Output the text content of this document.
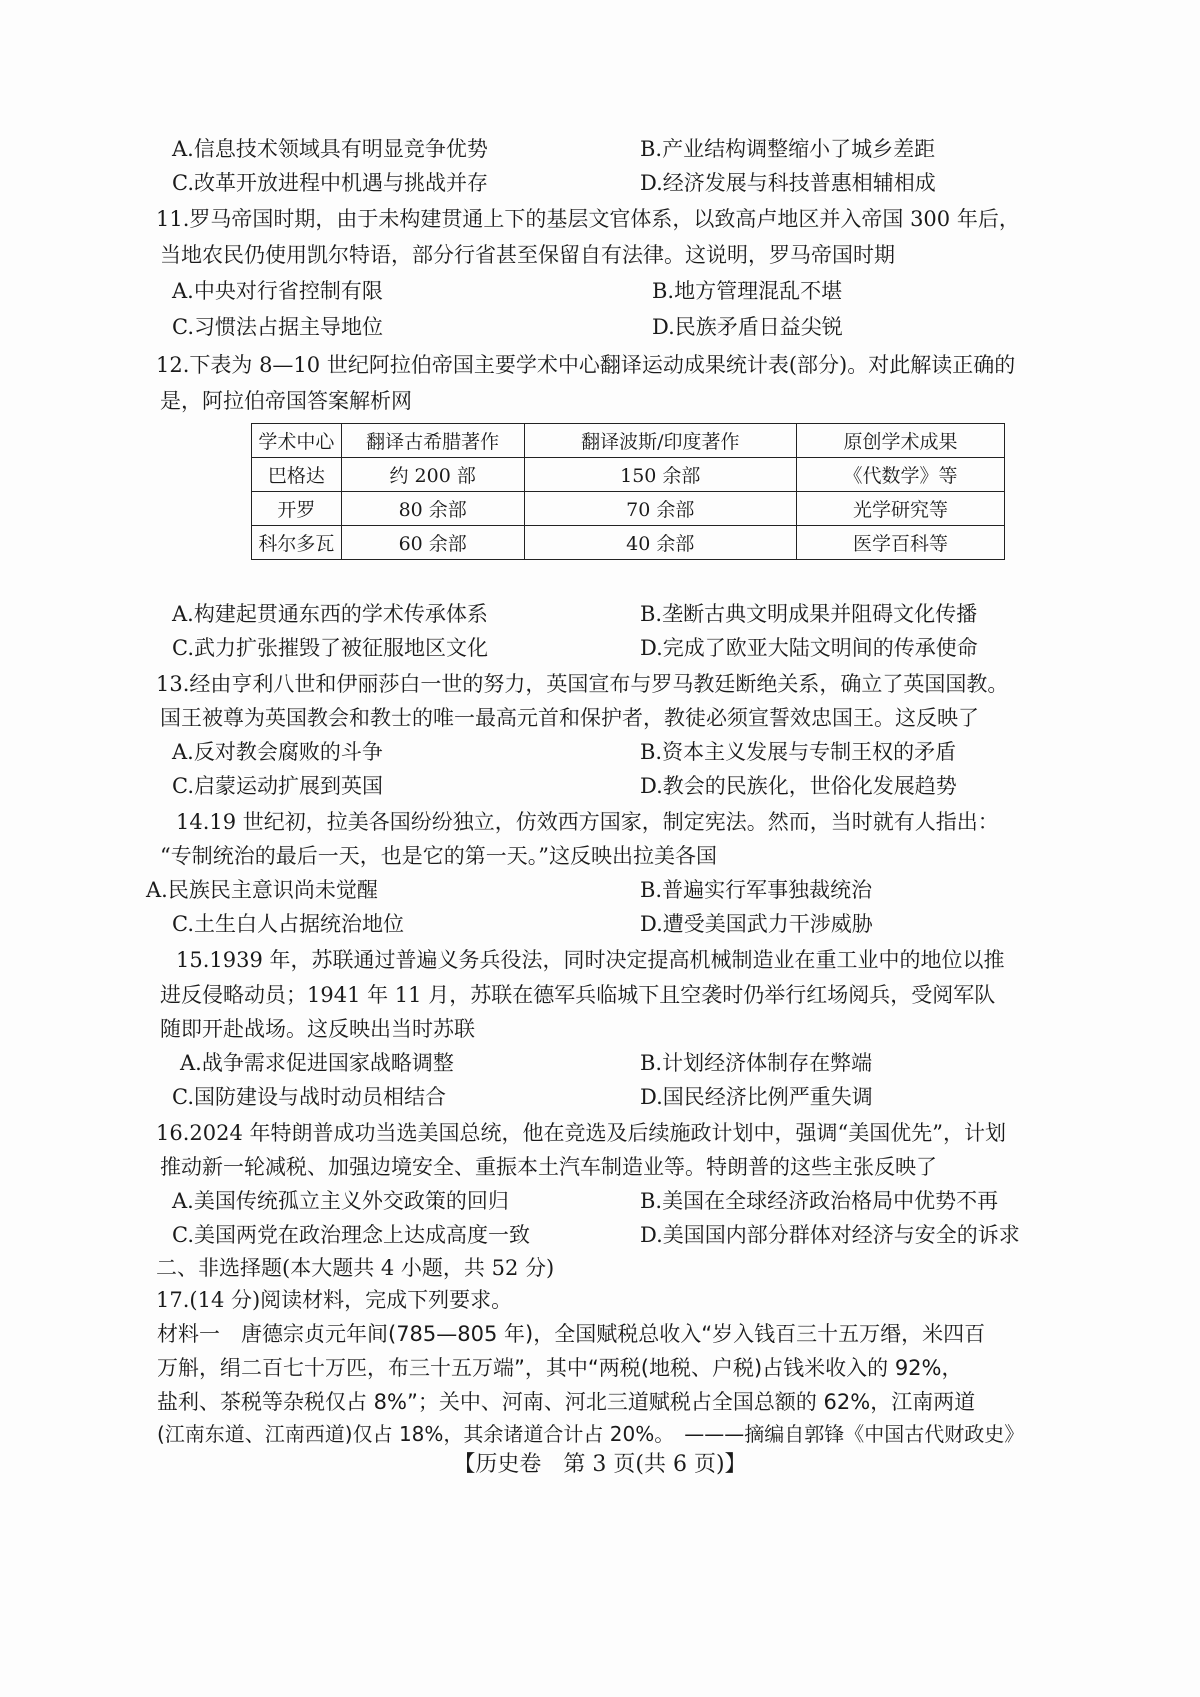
A.信息技术领域具有明显竞争优势	B.产业结构调整缩小了城乡差距
C.改革开放进程中机遇与挑战并存	D.经济发展与科技普惠相辅相成
11.罗马帝国时期，由于未构建贯通上下的基层文官体系，以致高卢地区并入帝国 300 年后，
当地农民仍使用凯尔特语，部分行省甚至保留自有法律。这说明，罗马帝国时期
A.中央对行省控制有限	B.地方管理混乱不堪
C.习惯法占据主导地位	D.民族矛盾日益尖锐
12.下表为 8—10 世纪阿拉伯帝国主要学术中心翻译运动成果统计表(部分)。对此解读正确的
是，阿拉伯帝国答案解析网
学术中心	翻译古希腊著作	翻译波斯/印度著作	原创学术成果
巴格达	约 200 部	150 余部	《代数学》等
开罗	80 余部	70 余部	光学研究等
科尔多瓦	60 余部	40 余部	医学百科等
A.构建起贯通东西的学术传承体系	B.垄断古典文明成果并阻碍文化传播
C.武力扩张摧毁了被征服地区文化	D.完成了欧亚大陆文明间的传承使命
13.经由亨利八世和伊丽莎白一世的努力，英国宣布与罗马教廷断绝关系，确立了英国国教。
国王被尊为英国教会和教士的唯一最高元首和保护者，教徒必须宣誓效忠国王。这反映了
A.反对教会腐败的斗争	B.资本主义发展与专制王权的矛盾
C.启蒙运动扩展到英国	D.教会的民族化，世俗化发展趋势
14.19 世纪初，拉美各国纷纷独立，仿效西方国家，制定宪法。然而，当时就有人指出：
“专制统治的最后一天，也是它的第一天。”这反映出拉美各国
A.民族民主意识尚未觉醒	B.普遍实行军事独裁统治
C.土生白人占据统治地位	D.遭受美国武力干涉威胁
15.1939 年，苏联通过普遍义务兵役法，同时决定提高机械制造业在重工业中的地位以推
进反侵略动员；1941 年 11 月，苏联在德军兵临城下且空袭时仍举行红场阅兵，受阅军队
随即开赴战场。这反映出当时苏联
A.战争需求促进国家战略调整	B.计划经济体制存在弊端
C.国防建设与战时动员相结合	D.国民经济比例严重失调
16.2024 年特朗普成功当选美国总统，他在竞选及后续施政计划中，强调“美国优先”，计划
推动新一轮减税、加强边境安全、重振本土汽车制造业等。特朗普的这些主张反映了
A.美国传统孤立主义外交政策的回归	B.美国在全球经济政治格局中优势不再
C.美国两党在政治理念上达成高度一致	D.美国国内部分群体对经济与安全的诉求
二、非选择题(本大题共 4 小题，共 52 分)
17.(14 分)阅读材料，完成下列要求。
材料一　唐德宗贞元年间(785—805 年)，全国赋税总收入“岁入钱百三十五万缗，米四百
万斛，绢二百七十万匹，布三十五万端”，其中“两税(地税、户税)占钱米收入的 92%，
盐利、茶税等杂税仅占 8%”；关中、河南、河北三道赋税占全国总额的 62%，江南两道
(江南东道、江南西道)仅占 18%，其余诸道合计占 20%。　———摘编自郭锋《中国古代财政史》
【历史卷　第 3 页(共 6 页)】
